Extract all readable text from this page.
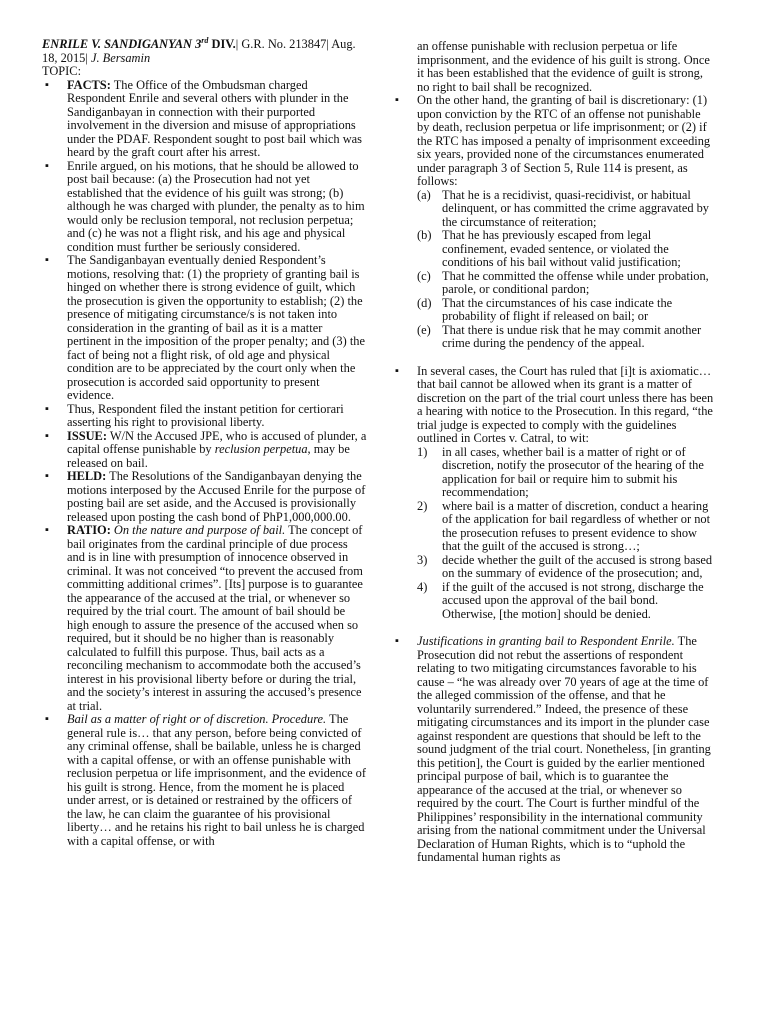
ENRILE V. SANDIGANYAN 3rd DIV.| G.R. No. 213847| Aug. 18, 2015| J. Bersamin
TOPIC:
▪ FACTS: The Office of the Ombudsman charged Respondent Enrile and several others with plunder in the Sandiganbayan in connection with their purported involvement in the diversion and misuse of appropriations under the PDAF. Respondent sought to post bail which was heard by the graft court after his arrest.
▪ Enrile argued, on his motions, that he should be allowed to post bail because: (a) the Prosecution had not yet established that the evidence of his guilt was strong; (b) although he was charged with plunder, the penalty as to him would only be reclusion temporal, not reclusion perpetua; and (c) he was not a flight risk, and his age and physical condition must further be seriously considered.
▪ The Sandiganbayan eventually denied Respondent’s motions, resolving that: (1) the propriety of granting bail is hinged on whether there is strong evidence of guilt, which the prosecution is given the opportunity to establish; (2) the presence of mitigating circumstance/s is not taken into consideration in the granting of bail as it is a matter pertinent in the imposition of the proper penalty; and (3) the fact of being not a flight risk, of old age and physical condition are to be appreciated by the court only when the prosecution is accorded said opportunity to present evidence.
▪ Thus, Respondent filed the instant petition for certiorari asserting his right to provisional liberty.
▪ ISSUE: W/N the Accused JPE, who is accused of plunder, a capital offense punishable by reclusion perpetua, may be released on bail.
▪ HELD: The Resolutions of the Sandiganbayan denying the motions interposed by the Accused Enrile for the purpose of posting bail are set aside, and the Accused is provisionally released upon posting the cash bond of PhP1,000,000.00.
▪ RATIO: On the nature and purpose of bail. The concept of bail originates from the cardinal principle of due process and is in line with presumption of innocence observed in criminal. It was not conceived “to prevent the accused from committing additional crimes”. [Its] purpose is to guarantee the appearance of the accused at the trial, or whenever so required by the trial court. The amount of bail should be high enough to assure the presence of the accused when so required, but it should be no higher than is reasonably calculated to fulfill this purpose. Thus, bail acts as a reconciling mechanism to accommodate both the accused’s interest in his provisional liberty before or during the trial, and the society’s interest in assuring the accused’s presence at trial.
▪ Bail as a matter of right or of discretion. Procedure. The general rule is… that any person, before being convicted of any criminal offense, shall be bailable, unless he is charged with a capital offense, or with an offense punishable with reclusion perpetua or life imprisonment, and the evidence of his guilt is strong. Hence, from the moment he is placed under arrest, or is detained or restrained by the officers of the law, he can claim the guarantee of his provisional liberty… and he retains his right to bail unless he is charged with a capital offense, or with
an offense punishable with reclusion perpetua or life imprisonment, and the evidence of his guilt is strong. Once it has been established that the evidence of guilt is strong, no right to bail shall be recognized.
▪ On the other hand, the granting of bail is discretionary: (1) upon conviction by the RTC of an offense not punishable by death, reclusion perpetua or life imprisonment; or (2) if the RTC has imposed a penalty of imprisonment exceeding six years, provided none of the circumstances enumerated under paragraph 3 of Section 5, Rule 114 is present, as follows:
(a) That he is a recidivist, quasi-recidivist, or habitual delinquent, or has committed the crime aggravated by the circumstance of reiteration;
(b) That he has previously escaped from legal confinement, evaded sentence, or violated the conditions of his bail without valid justification;
(c) That he committed the offense while under probation, parole, or conditional pardon;
(d) That the circumstances of his case indicate the probability of flight if released on bail; or
(e) That there is undue risk that he may commit another crime during the pendency of the appeal.
▪ In several cases, the Court has ruled that [i]t is axiomatic… that bail cannot be allowed when its grant is a matter of discretion on the part of the trial court unless there has been a hearing with notice to the Prosecution. In this regard, “the trial judge is expected to comply with the guidelines outlined in Cortes v. Catral, to wit:
1) in all cases, whether bail is a matter of right or of discretion, notify the prosecutor of the hearing of the application for bail or require him to submit his recommendation;
2) where bail is a matter of discretion, conduct a hearing of the application for bail regardless of whether or not the prosecution refuses to present evidence to show that the guilt of the accused is strong…;
3) decide whether the guilt of the accused is strong based on the summary of evidence of the prosecution; and,
4) if the guilt of the accused is not strong, discharge the accused upon the approval of the bail bond. Otherwise, [the motion] should be denied.
▪ Justifications in granting bail to Respondent Enrile. The Prosecution did not rebut the assertions of respondent relating to two mitigating circumstances favorable to his cause – “he was already over 70 years of age at the time of the alleged commission of the offense, and that he voluntarily surrendered.” Indeed, the presence of these mitigating circumstances and its import in the plunder case against respondent are questions that should be left to the sound judgment of the trial court. Nonetheless, [in granting this petition], the Court is guided by the earlier mentioned principal purpose of bail, which is to guarantee the appearance of the accused at the trial, or whenever so required by the court. The Court is further mindful of the Philippines’ responsibility in the international community arising from the national commitment under the Universal Declaration of Human Rights, which is to “uphold the fundamental human rights as
